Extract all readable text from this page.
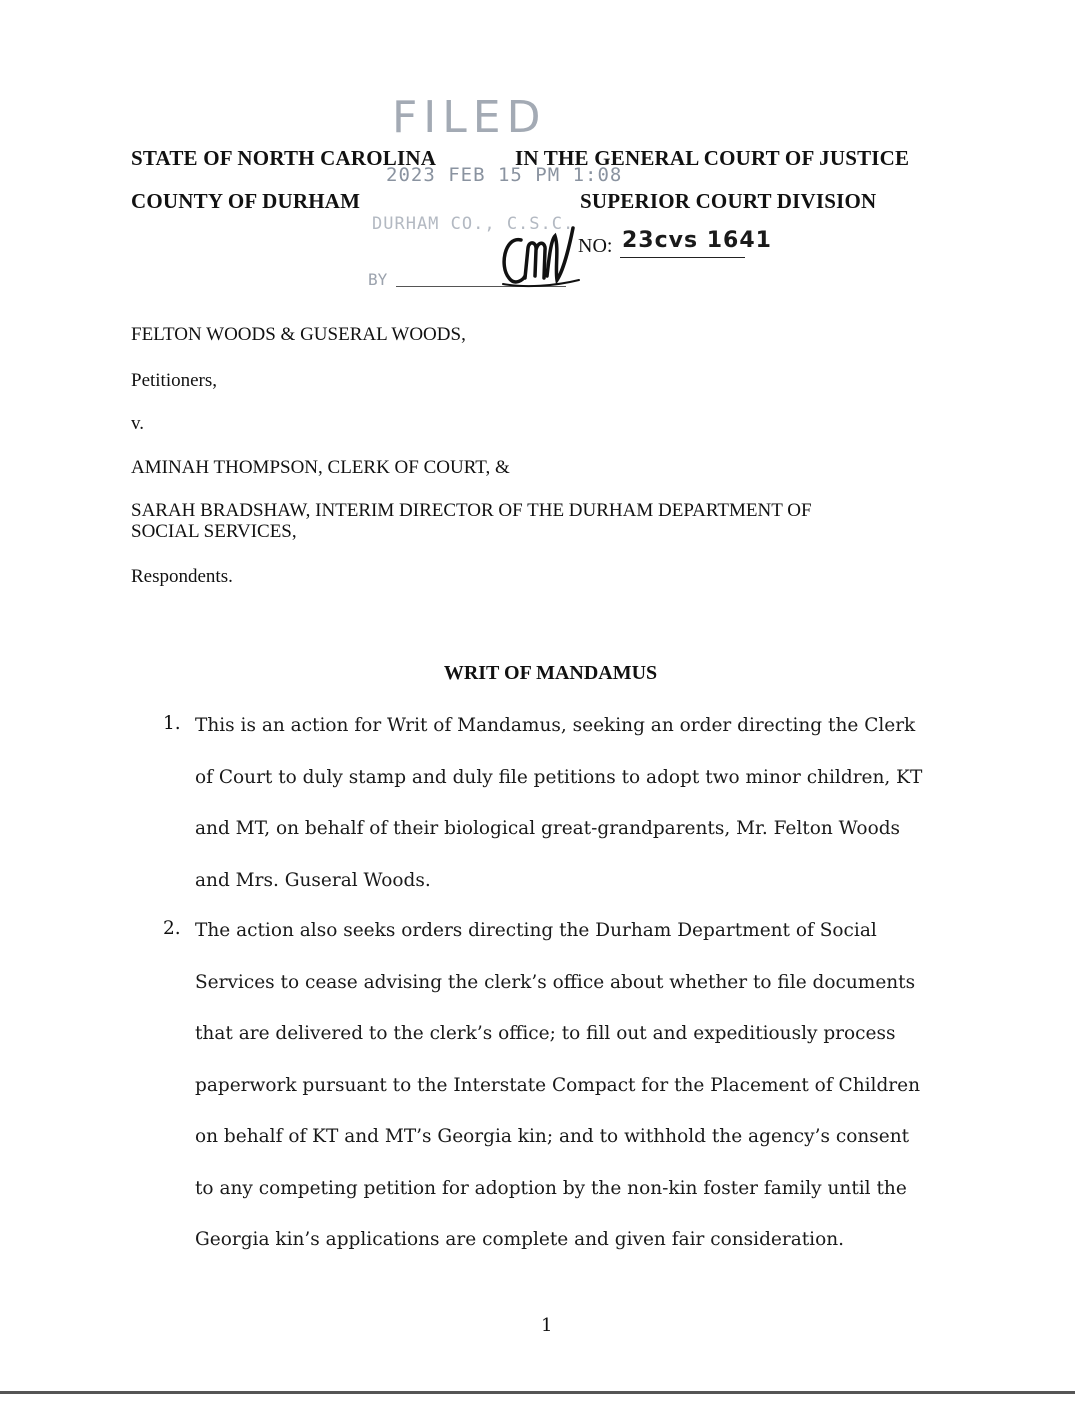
FILED
2023 FEB 15 PM 1:08
DURHAM CO., C.S.C.
BY
STATE OF NORTH CAROLINA
COUNTY OF DURHAM
IN THE GENERAL COURT OF JUSTICE
SUPERIOR COURT DIVISION
NO: 23cvs 1641
FELTON WOODS & GUSERAL WOODS,
Petitioners,
v.
AMINAH THOMPSON, CLERK OF COURT, &
SARAH BRADSHAW, INTERIM DIRECTOR OF THE DURHAM DEPARTMENT OF
SOCIAL SERVICES,
Respondents.
WRIT OF MANDAMUS
1. This is an action for Writ of Mandamus, seeking an order directing the Clerk
of Court to duly stamp and duly file petitions to adopt two minor children, KT
and MT, on behalf of their biological great-grandparents, Mr. Felton Woods
and Mrs. Guseral Woods.
2. The action also seeks orders directing the Durham Department of Social
Services to cease advising the clerk’s office about whether to file documents
that are delivered to the clerk’s office; to fill out and expeditiously process
paperwork pursuant to the Interstate Compact for the Placement of Children
on behalf of KT and MT’s Georgia kin; and to withhold the agency’s consent
to any competing petition for adoption by the non-kin foster family until the
Georgia kin’s applications are complete and given fair consideration.
1
